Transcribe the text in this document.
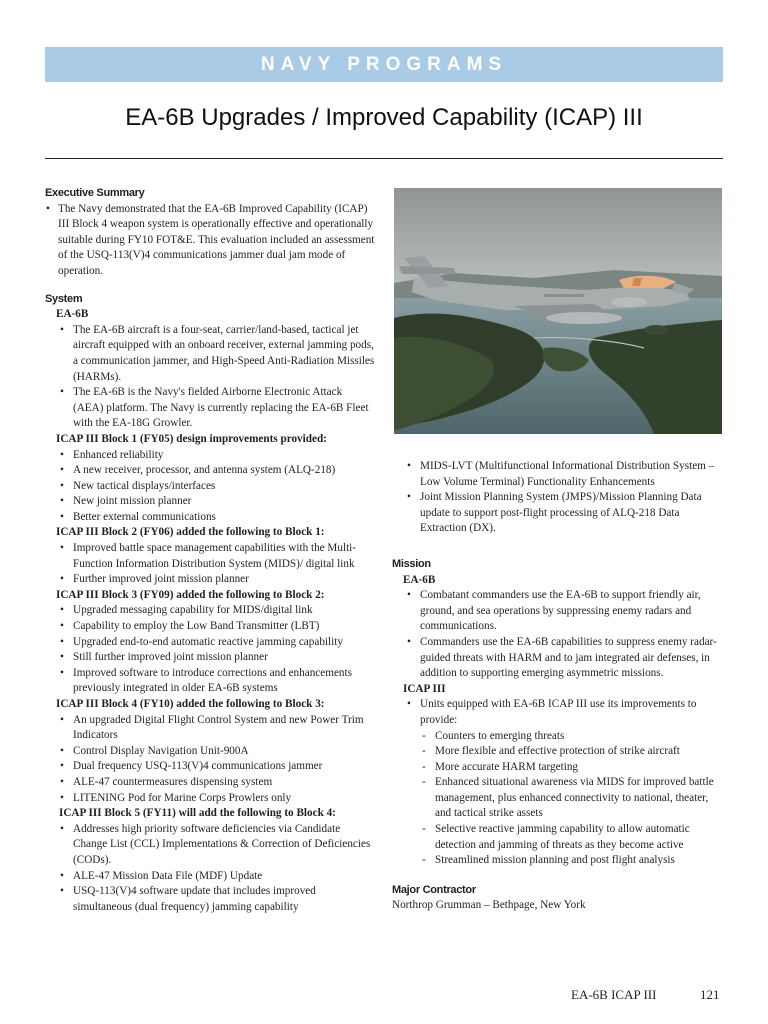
NAVY PROGRAMS
EA-6B Upgrades / Improved Capability (ICAP) III

Executive Summary

• The Navy demonstrated that the EA-6B Improved Capability (ICAP) III Block 4 weapon system is operationally effective and operationally suitable during FY10 FOT&E. This evaluation included an assessment of the USQ-113(V)4 communications jammer dual jam mode of operation.

System

EA-6B

• The EA-6B aircraft is a four-seat, carrier/land-based, tactical jet aircraft equipped with an onboard receiver, external jamming pods, a communication jammer, and High-Speed Anti-Radiation Missiles (HARMs).
• The EA-6B is the Navy's fielded Airborne Electronic Attack (AEA) platform. The Navy is currently replacing the EA-6B Fleet with the EA-18G Growler.

ICAP III Block 1 (FY05) design improvements provided:

• Enhanced reliability
• A new receiver, processor, and antenna system (ALQ-218)
• New tactical displays/interfaces
• New joint mission planner
• Better external communications

ICAP III Block 2 (FY06) added the following to Block 1:

• Improved battle space management capabilities with the Multi-Function Information Distribution System (MIDS)/ digital link
• Further improved joint mission planner

ICAP III Block 3 (FY09) added the following to Block 2:

• Upgraded messaging capability for MIDS/digital link
• Capability to employ the Low Band Transmitter (LBT)
• Upgraded end-to-end automatic reactive jamming capability
• Still further improved joint mission planner
• Improved software to introduce corrections and enhancements previously integrated in older EA-6B systems

ICAP III Block 4 (FY10) added the following to Block 3:

• An upgraded Digital Flight Control System and new Power Trim Indicators
• Control Display Navigation Unit-900A
• Dual frequency USQ-113(V)4 communications jammer
• ALE-47 countermeasures dispensing system
• LITENING Pod for Marine Corps Prowlers only

ICAP III Block 5 (FY11) will add the following to Block 4:

• Addresses high priority software deficiencies via Candidate Change List (CCL) Implementations & Correction of Deficiencies (CODs).
• ALE-47 Mission Data File (MDF) Update
• USQ-113(V)4 software update that includes improved simultaneous (dual frequency) jamming capability
• MIDS-LVT (Multifunctional Informational Distribution System – Low Volume Terminal) Functionality Enhancements
• Joint Mission Planning System (JMPS)/Mission Planning Data update to support post-flight processing of ALQ-218 Data Extraction (DX).

Mission

EA-6B

• Combatant commanders use the EA-6B to support friendly air, ground, and sea operations by suppressing enemy radars and communications.
• Commanders use the EA-6B capabilities to suppress enemy radar-guided threats with HARM and to jam integrated air defenses, in addition to supporting emerging asymmetric missions.

ICAP III

• Units equipped with EA-6B ICAP III use its improvements to provide:
- Counters to emerging threats
- More flexible and effective protection of strike aircraft
- More accurate HARM targeting
- Enhanced situational awareness via MIDS for improved battle management, plus enhanced connectivity to national, theater, and tactical strike assets
- Selective reactive jamming capability to allow automatic detection and jamming of threats as they become active
- Streamlined mission planning and post flight analysis

Major Contractor

Northrop Grumman – Bethpage, New York

EA-6B ICAP III	121
